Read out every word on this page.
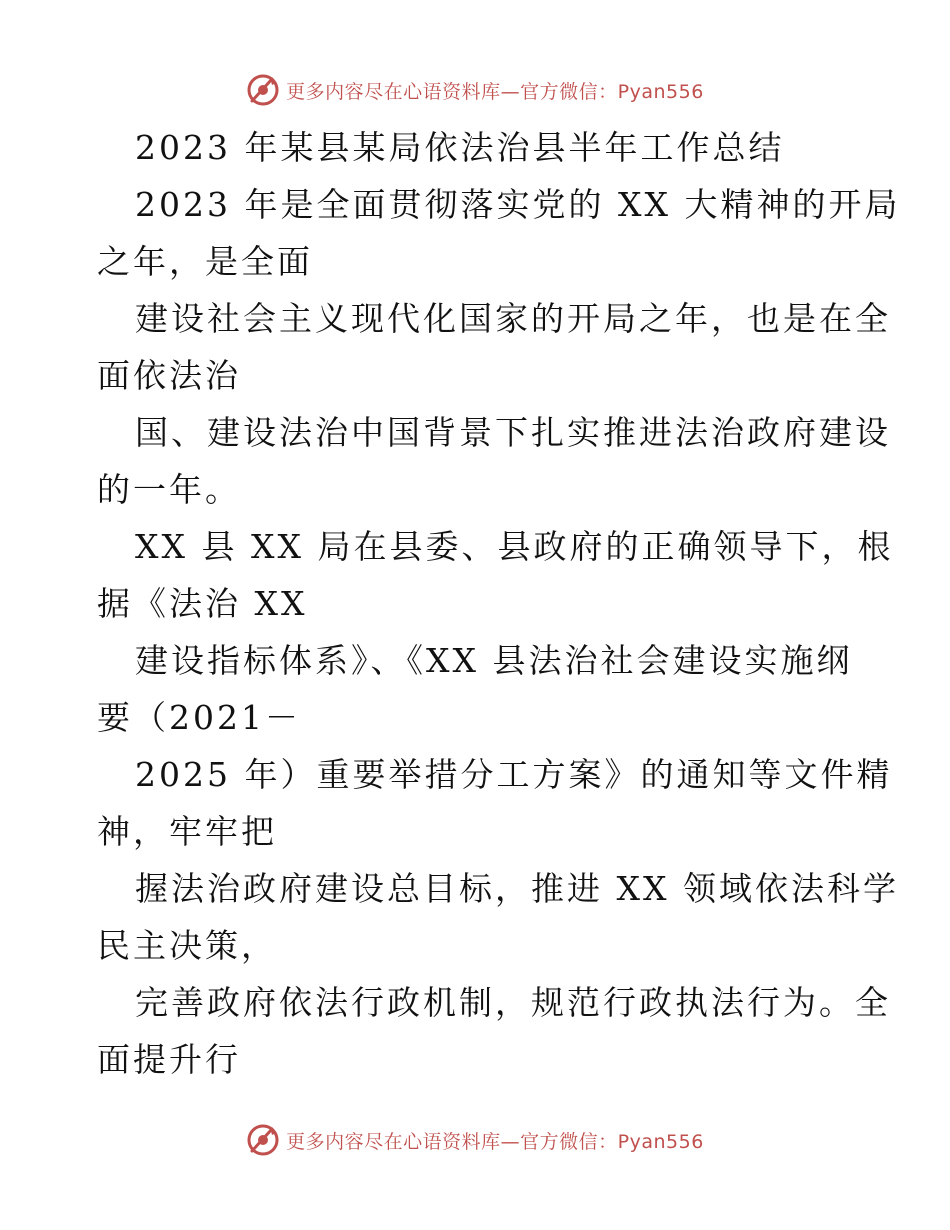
更多内容尽在心语资料库—官方微信：Pyan556
2023 年某县某局依法治县半年工作总结
2023 年是全面贯彻落实党的 XX 大精神的开局
之年，是全面
建设社会主义现代化国家的开局之年，也是在全
面依法治
国、建设法治中国背景下扎实推进法治政府建设
的一年。
XX 县 XX 局在县委、县政府的正确领导下，根
据《法治 XX
建设指标体系》、《XX 县法治社会建设实施纲
要（2021－
2025 年）重要举措分工方案》的通知等文件精
神，牢牢把
握法治政府建设总目标，推进 XX 领域依法科学
民主决策，
完善政府依法行政机制，规范行政执法行为。全
面提升行
更多内容尽在心语资料库—官方微信：Pyan556
